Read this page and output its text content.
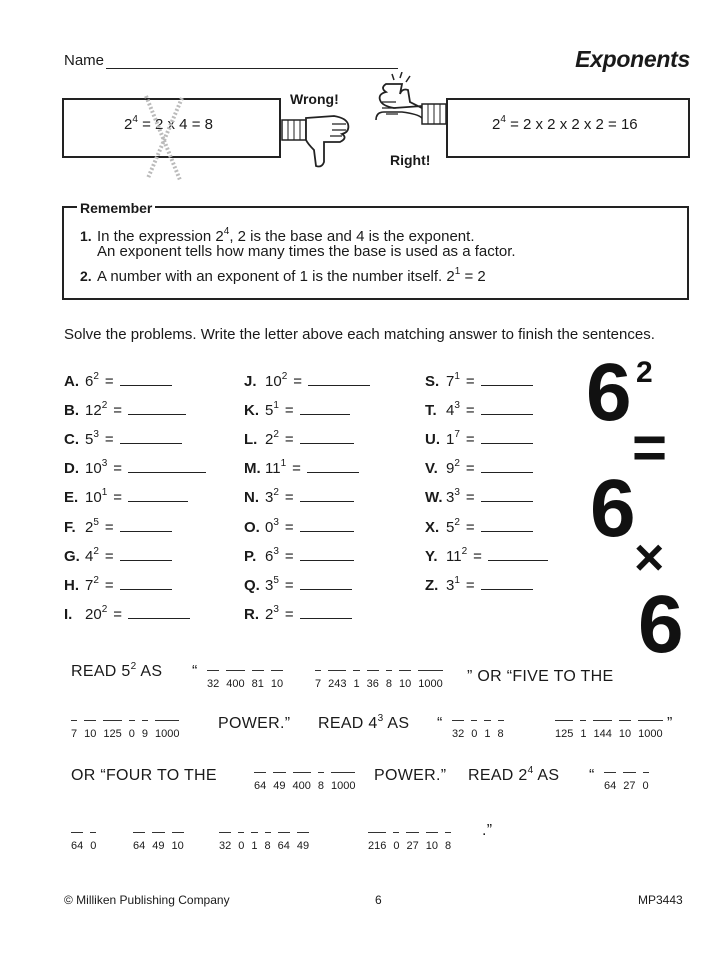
Name	Exponents
$2^4 = 2$ x 4 = 8
Wrong!
Right!
$2^4 = 2$ x 2 x 2 x 2 = 16
Remember
1. In the expression $2^4$, 2 is the base and 4 is the exponent.
An exponent tells how many times the base is used as a factor.
2. A number with an exponent of 1 is the number itself. $2^1 = 2$
Solve the problems. Write the letter above each matching answer to finish the sentences.
A. $6^2$ =
B. $12^2$ =
C. $5^3$ =
D. $10^3$ =
E. $10^1$ =
F. $2^5$ =
G. $4^2$ =
H. $7^2$ =
I. $20^2$ =
J. $10^2$ =
K. $5^1$ =
L. $2^2$ =
M. $11^1$ =
N. $3^2$ =
O. $0^3$ =
P. $6^3$ =
Q. $3^5$ =
R. $2^3$ =
S. $7^1$ =
T. $4^3$ =
U. $1^7$ =
V. $9^2$ =
W. $3^3$ =
X. $5^2$ =
Y. $11^2$ =
Z. $3^1$ =
6 2
=
6
×
6
READ $5^2$ AS “
32 400 81 10	7 243 1 36 8 10 1000 ” OR “FIVE TO THE
7 10 125 0 9 1000
POWER.” READ $4^3$ AS “
32 0 1 8	125 1 144 10 1000
”
OR “FOUR TO THE
64 49 400 8 1000
POWER.” READ $2^4$ AS “
64 27 0
64 0	64 49 10	32 0 1 8 64 49	216 0 27 10 8
.”
© Milliken Publishing Company	6	MP3443
